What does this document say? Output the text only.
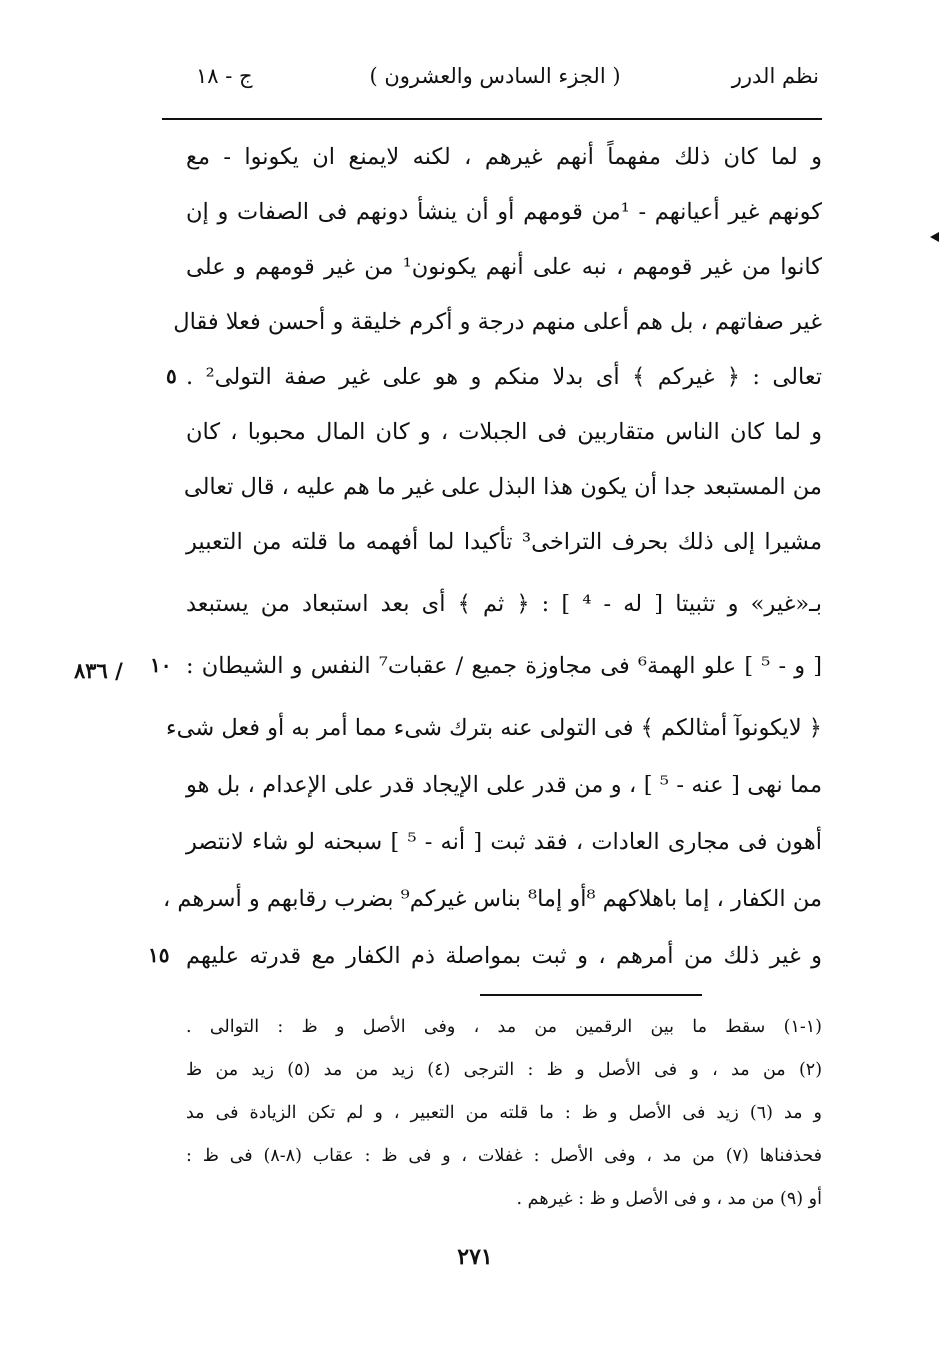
نظم الدرر
( الجزء السادس والعشرون )
ج - ١٨
و لما كان ذلك مفهماً أنهم غيرهم ، لكنه لايمنع ان يكونوا - مع
كونهم غير أعيانهم - ¹من قومهم أو أن ينشأ دونهم فى الصفات و إن
كانوا من غير قومهم ، نبه على أنهم يكونون¹ من غير قومهم و على
غير صفاتهم ، بل هم أعلى منهم درجة و أكرم خليقة و أحسن فعلا فقال
تعالى : ﴿ غيركم ﴾ أى بدلا منكم و هو على غير صفة التولى² .
و لما كان الناس متقاربين فى الجبلات ، و كان المال محبوبا ، كان
من المستبعد جدا أن يكون هذا البذل على غير ما هم عليه ، قال تعالى
مشيرا إلى ذلك بحرف التراخى³ تأكيدا لما أفهمه ما قلته من التعبير
بـ«غير» و تثبيتا [ له - ⁴ ] : ﴿ ثم ﴾ أى بعد استبعاد من يستبعد
[ و - ⁵ ] علو الهمة⁶ فى مجاوزة جميع / عقبات⁷ النفس و الشيطان :
﴿ لايكونوآ أمثالكم ﴾ فى التولى عنه بترك شىء مما أمر به أو فعل شىء
مما نهى [ عنه - ⁵ ] ، و من قدر على الإيجاد قدر على الإعدام ، بل هو
أهون فى مجارى العادات ، فقد ثبت [ أنه - ⁵ ] سبحنه لو شاء لانتصر
من الكفار ، إما باهلاكهم ⁸أو إما⁸ بناس غيركم⁹ بضرب رقابهم و أسرهم ،
و غير ذلك من أمرهم ، و ثبت بمواصلة ذم الكفار مع قدرته عليهم
٥
١٠
١٥
٨٣٦ /
(١-١) سقط ما بين الرقمين من مد ، وفى الأصل و ظ : التوالى .
(٢) من مد ، و فى الأصل و ظ : الترجى (٤) زيد من مد (٥) زيد من ظ
و مد (٦) زيد فى الأصل و ظ : ما قلته من التعبير ، و لم تكن الزيادة فى مد
فحذفناها (٧) من مد ، وفى الأصل : غفلات ، و فى ظ : عقاب (٨-٨) فى ظ :
أو (٩) من مد ، و فى الأصل و ظ : غيرهم .
٢٧١
